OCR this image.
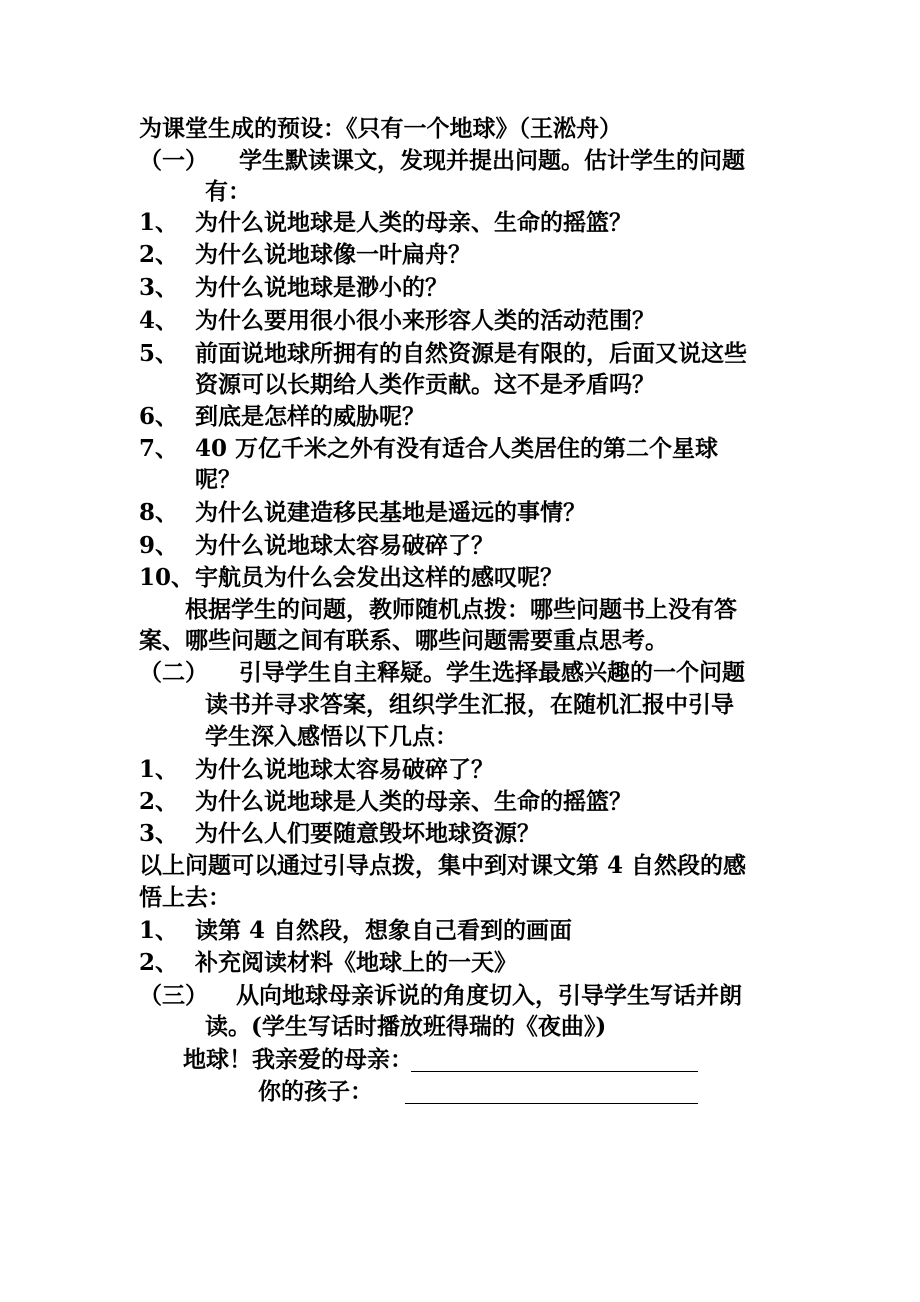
为课堂生成的预设：《只有一个地球》（王淞舟）
（一） 学生默读课文，发现并提出问题。估计学生的问题
有：
1、 为什么说地球是人类的母亲、生命的摇篮？
2、 为什么说地球像一叶扁舟？
3、 为什么说地球是渺小的？
4、 为什么要用很小很小来形容人类的活动范围？
5、 前面说地球所拥有的自然资源是有限的，后面又说这些
资源可以长期给人类作贡献。这不是矛盾吗？
6、 到底是怎样的威胁呢？
7、 40 万亿千米之外有没有适合人类居住的第二个星球
呢？
8、 为什么说建造移民基地是遥远的事情？
9、 为什么说地球太容易破碎了？
10、 宇航员为什么会发出这样的感叹呢？
根据学生的问题，教师随机点拨：哪些问题书上没有答
案、哪些问题之间有联系、哪些问题需要重点思考。
（二） 引导学生自主释疑。学生选择最感兴趣的一个问题
读书并寻求答案，组织学生汇报，在随机汇报中引导
学生深入感悟以下几点：
1、 为什么说地球太容易破碎了？
2、 为什么说地球是人类的母亲、生命的摇篮？
3、 为什么人们要随意毁坏地球资源？
以上问题可以通过引导点拨，集中到对课文第 4 自然段的感
悟上去：
1、 读第 4 自然段，想象自己看到的画面
2、 补充阅读材料《地球上的一天》
（三） 从向地球母亲诉说的角度切入，引导学生写话并朗
读。(学生写话时播放班得瑞的《夜曲》)
地球！我亲爱的母亲：
你的孩子：
